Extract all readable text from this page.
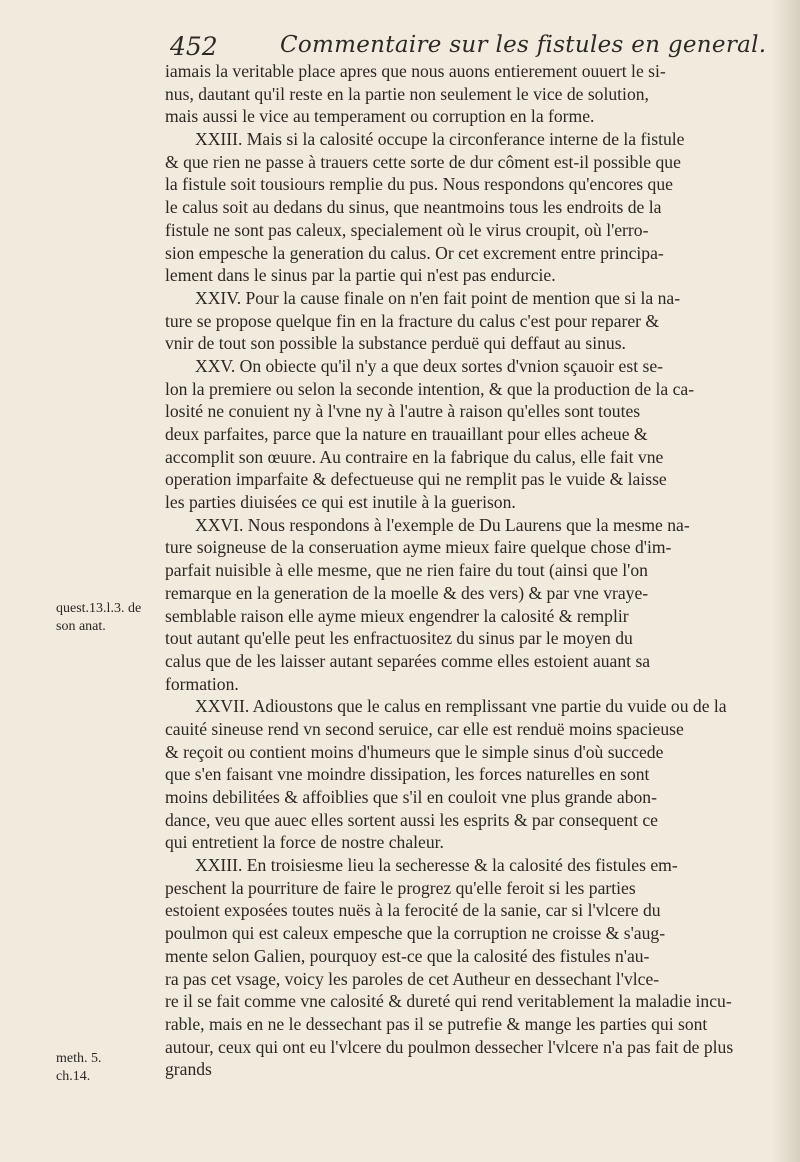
452	Commentaire sur les fistules en general.
quest.13.l.3. de son anat.
meth. 5. ch.14.
iamais la veritable place apres que nous auons entierement ouuert le si-
nus, dautant qu'il reste en la partie non seulement le vice de solution,
mais aussi le vice au temperament ou corruption en la forme.
XXIII. Mais si la calosité occupe la circonferance interne de la fistule
& que rien ne passe à trauers cette sorte de dur côment est-il possible que
la fistule soit tousiours remplie du pus. Nous respondons qu'encores que
le calus soit au dedans du sinus, que neantmoins tous les endroits de la
fistule ne sont pas caleux, specialement où le virus croupit, où l'erro-
sion empesche la generation du calus. Or cet excrement entre principa-
lement dans le sinus par la partie qui n'est pas endurcie.
XXIV. Pour la cause finale on n'en fait point de mention que si la na-
ture se propose quelque fin en la fracture du calus c'est pour reparer &
vnir de tout son possible la substance perduë qui deffaut au sinus.
XXV. On obiecte qu'il n'y a que deux sortes d'vnion sçauoir est se-
lon la premiere ou selon la seconde intention, & que la production de la ca-
losité ne conuient ny à l'vne ny à l'autre à raison qu'elles sont toutes
deux parfaites, parce que la nature en trauaillant pour elles acheue &
accomplit son œuure. Au contraire en la fabrique du calus, elle fait vne
operation imparfaite & defectueuse qui ne remplit pas le vuide & laisse
les parties diuisées ce qui est inutile à la guerison.
XXVI. Nous respondons à l'exemple de Du Laurens que la mesme na-
ture soigneuse de la conseruation ayme mieux faire quelque chose d'im-
parfait nuisible à elle mesme, que ne rien faire du tout (ainsi que l'on
remarque en la generation de la moelle & des vers) & par vne vraye-
semblable raison elle ayme mieux engendrer la calosité & remplir
tout autant qu'elle peut les enfractuositez du sinus par le moyen du
calus que de les laisser autant separées comme elles estoient auant sa
formation.
XXVII. Adioustons que le calus en remplissant vne partie du vuide ou de la
cauité sineuse rend vn second seruice, car elle est renduë moins spacieuse
& reçoit ou contient moins d'humeurs que le simple sinus d'où succede
que s'en faisant vne moindre dissipation, les forces naturelles en sont
moins debilitées & affoiblies que s'il en couloit vne plus grande abon-
dance, veu que auec elles sortent aussi les esprits & par consequent ce
qui entretient la force de nostre chaleur.
XXIII. En troisiesme lieu la secheresse & la calosité des fistules em-
peschent la pourriture de faire le progrez qu'elle feroit si les parties
estoient exposées toutes nuës à la ferocité de la sanie, car si l'vlcere du
poulmon qui est caleux empesche que la corruption ne croisse & s'aug-
mente selon Galien, pourquoy est-ce que la calosité des fistules n'au-
ra pas cet vsage, voicy les paroles de cet Autheur en dessechant l'vlce-
re il se fait comme vne calosité & dureté qui rend veritablement la maladie incu-
rable, mais en ne le dessechant pas il se putrefie & mange les parties qui sont
autour, ceux qui ont eu l'vlcere du poulmon dessecher l'vlcere n'a pas fait de plus
grands
